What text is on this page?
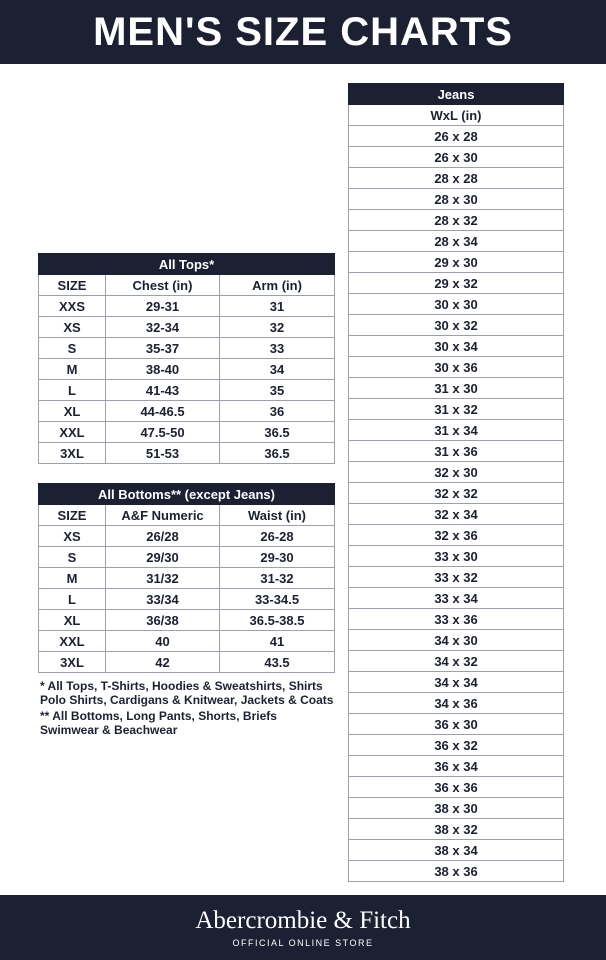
MEN'S SIZE CHARTS
All Tops*		
SIZE	Chest (in)	Arm (in)
XXS	29-31	31
XS	32-34	32
S	35-37	33
M	38-40	34
L	41-43	35
XL	44-46.5	36
XXL	47.5-50	36.5
3XL	51-53	36.5
All Bottoms** (except Jeans)		
SIZE	A&F Numeric	Waist (in)
XS	26/28	26-28
S	29/30	29-30
M	31/32	31-32
L	33/34	33-34.5
XL	36/38	36.5-38.5
XXL	40	41
3XL	42	43.5

* All Tops, T-Shirts, Hoodies & Sweatshirts, Shirts
Polo Shirts, Cardigans & Knitwear, Jackets & Coats

** All Bottoms, Long Pants, Shorts, Briefs
Swimwear & Beachwear

Jeans
WxL (in)
26 x 28
26 x 30
28 x 28
28 x 30
28 x 32
28 x 34
29 x 30
29 x 32
30 x 30
30 x 32
30 x 34
30 x 36
31 x 30
31 x 32
31 x 34
31 x 36
32 x 30
32 x 32
32 x 34
32 x 36
33 x 30
33 x 32
33 x 34
33 x 36
34 x 30
34 x 32
34 x 34
34 x 36
36 x 30
36 x 32
36 x 34
36 x 36
38 x 30
38 x 32
38 x 34
38 x 36
Abercrombie & Fitch
OFFICIAL ONLINE STORE
